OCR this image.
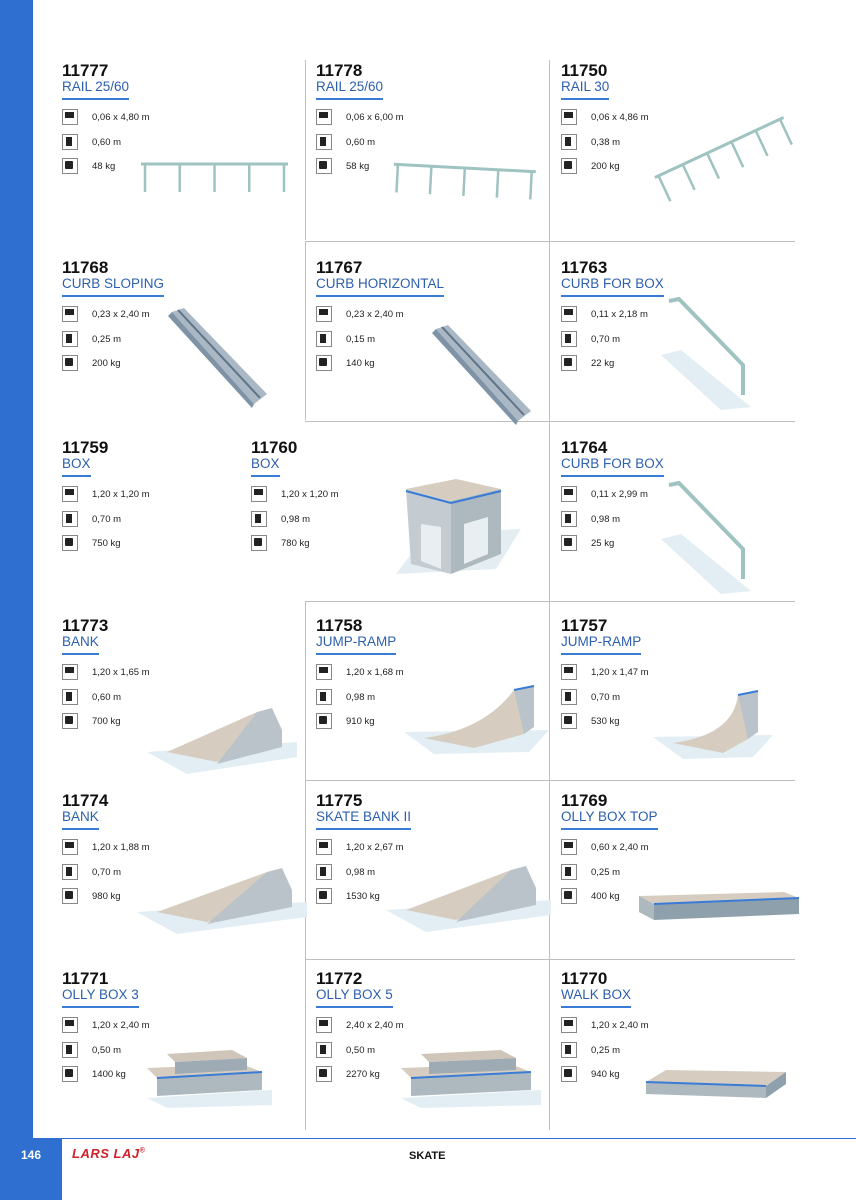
146	LARS LAJ®	SKATE
11777
RAIL 25/60
0,06 x 4,80 m
0,60 m
48 kg
11778
RAIL 25/60
0,06 x 6,00 m
0,60 m
58 kg
11750
RAIL 30
0,06 x 4,86 m
0,38 m
200 kg
11768
CURB SLOPING
0,23 x 2,40 m
0,25 m
200 kg
11767
CURB HORIZONTAL
0,23 x 2,40 m
0,15 m
140 kg
11763
CURB FOR BOX
0,11 x 2,18 m
0,70 m
22 kg
11759
BOX
1,20 x 1,20 m
0,70 m
750 kg
11760
BOX
1,20 x 1,20 m
0,98 m
780 kg
11764
CURB FOR BOX
0,11 x 2,99 m
0,98 m
25 kg
11773
BANK
1,20 x 1,65 m
0,60 m
700 kg
11758
JUMP-RAMP
1,20 x 1,68 m
0,98 m
910 kg
11757
JUMP-RAMP
1,20 x 1,47 m
0,70 m
530 kg
11774
BANK
1,20 x 1,88 m
0,70 m
980 kg
11775
SKATE BANK II
1,20 x 2,67 m
0,98 m
1530 kg
11769
OLLY BOX TOP
0,60 x 2,40 m
0,25 m
400 kg
11771
OLLY BOX 3
1,20 x 2,40 m
0,50 m
1400 kg
11772
OLLY BOX 5
2,40 x 2,40 m
0,50 m
2270 kg
11770
WALK BOX
1,20 x 2,40 m
0,25 m
940 kg
